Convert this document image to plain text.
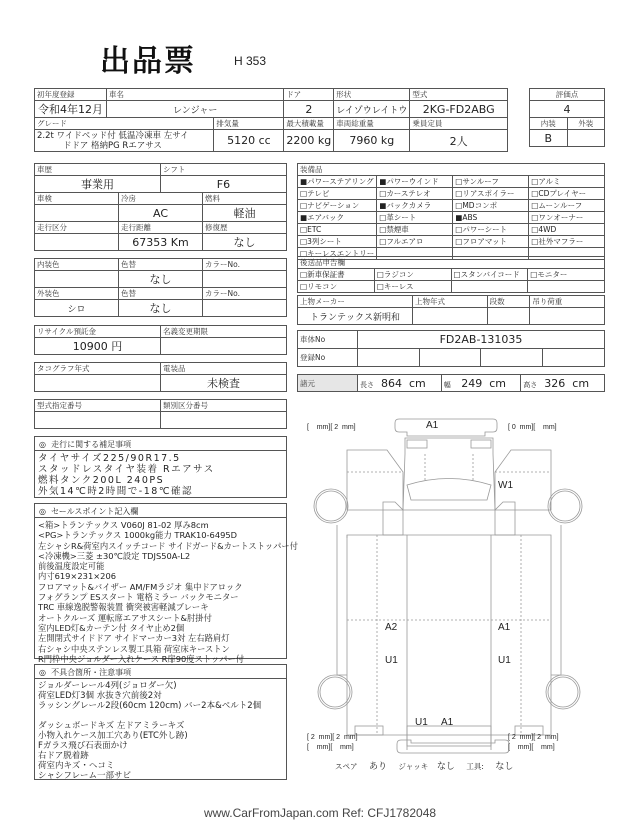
出品票	H 353
初年度登録	車名		ドア	形状	型式
令和4年12月	レンジャー		2	レイゾウレイトウ	2KG-FD2ABG
グレード		排気量	最大積載量	車両総重量	乗員定員

2.2t ワイドベッド付 低温冷凍車 左サイ
ドドア 格納PG Rエアサス		5120 cc	2200 kg	7960 kg	2人
評価点	
4	
内装	外装
B	
車歴		シフト	
事業用		F6	
車検	冷房		燃料
	AC		軽油
走行区分	走行距離		修復歴
	67353 Km		なし
内装色	色替	カラーNo.
	なし	
外装色	色替	カラーNo.
シロ	なし	
リサイクル預託金	名義変更期限
10900 円	
タコグラフ年式	電装品
	未検査
型式指定番号	類別区分番号

装備品			
■パワーステアリング	■パワーウインド	□サンルーフ	□アルミ
□テレビ	□カーステレオ	□リアスポイラー	□CDプレイヤー
□ナビゲーション	■バックカメラ	□MDコンポ	□ムーンルーフ
■エアバック	□革シート	■ABS	□ワンオーナー
□ETC	□禁煙車	□パワーシート	□4WD
□3列シート	□フルエアロ	□フロアマット	□社外マフラー
□キーレスエントリー			
後送品申告欄			
□新車保証書	□ラジコン	□スタンバイコード	□モニター
□リモコン	□キーレス		
上物メーカー	上物年式	段数	吊り荷重
トランテックス新明和			
車体No	FD2AB-131035			
登録No				
諸元	長さ 864 cm	幅 249 cm	高さ 326 cm
◎ 走行に関する補足事項
タイヤサイズ225/90R17.5
スタッドレスタイヤ装着 Rエアサス
燃料タンク200L 240PS
外気14℃時2時間で-18℃確認
◎ セールスポイント記入欄
<箱>トランテックス V060J 81-02 厚み8cm
<PG>トランテックス 1000kg能力 TRAK10-6495D
左シャシR&荷室内スイッチコード サイドガード&カートストッパー付
<冷凍機>三菱 ±30℃設定 TDJS50A-L2
前後温度設定可能
内寸619×231×206
フロアマット&バイザー AM/FMラジオ 集中ドアロック
フォグランプ ESスタート 電格ミラー バックモニター
TRC 車線逸脱警報装置 衝突被害軽減ブレーキ
オートクルーズ 運転席エアサスシート&肘掛付
室内LED灯&カーテン付 タイヤ止め2個
左開閉式サイドドア サイドマーカー3対 左右路肩灯
右シャシ中央ステンレス製工具箱 荷室床キーストン
R門枠中央ジョルダー入れケース R扉90度ストッパー付
◎ 不具合箇所・注意事項
ジョルダーレール4列(ジョロダー欠)
荷室LED灯3個 水抜き穴前後2対
ラッシングレール2段(60cm 120cm) バー2本&ベルト2個

ダッシュボードキズ 左ドアミラーキズ
小物入れケース加工穴あり(ETC外し跡)
Fガラス飛び石表面かけ
右ドア脱着跡
荷室内キズ・ヘコミ
シャシフレーム一部サビ
A1
W1
A2
U1
A1
U1
U1 A1
[    mm][ 2  mm]	[ 0  mm][    mm]
[ 2  mm][ 2  mm]
[    mm][    mm]
[ 2  mm][ 2  mm]
[    mm][    mm]
スペア あり ジャッキ なし 工具: なし
www.CarFromJapan.com Ref: CFJ1782048
